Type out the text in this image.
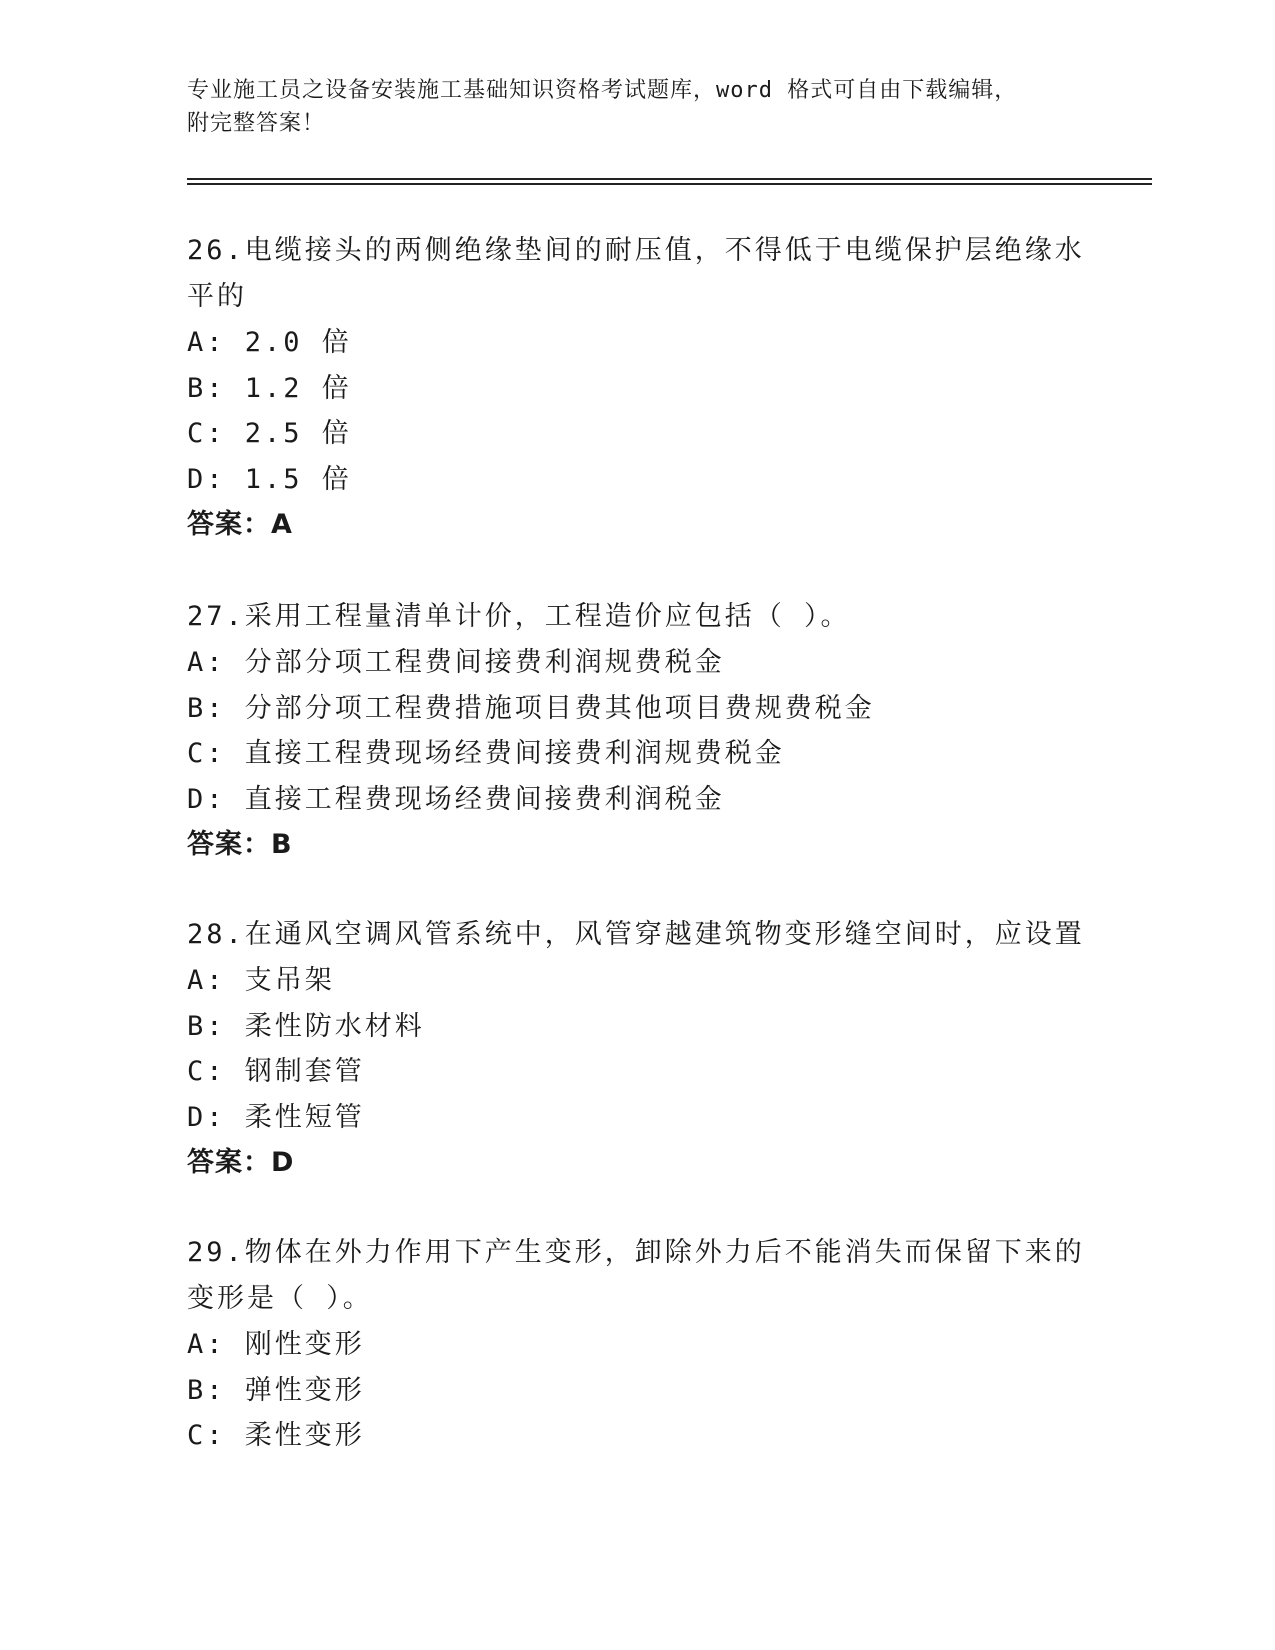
专业施工员之设备安装施工基础知识资格考试题库，word 格式可自由下载编辑，
附完整答案！

26.电缆接头的两侧绝缘垫间的耐压值，不得低于电缆保护层绝缘水平的

A: 2.0 倍

B: 1.2 倍

C: 2.5 倍

D: 1.5 倍

答案：A

27.采用工程量清单计价，工程造价应包括（ ）。

A: 分部分项工程费间接费利润规费税金

B: 分部分项工程费措施项目费其他项目费规费税金

C: 直接工程费现场经费间接费利润规费税金

D: 直接工程费现场经费间接费利润税金

答案：B

28.在通风空调风管系统中，风管穿越建筑物变形缝空间时，应设置

A: 支吊架

B: 柔性防水材料

C: 钢制套管

D: 柔性短管

答案：D

29.物体在外力作用下产生变形，卸除外力后不能消失而保留下来的变形是（ ）。

A: 刚性变形

B: 弹性变形

C: 柔性变形
